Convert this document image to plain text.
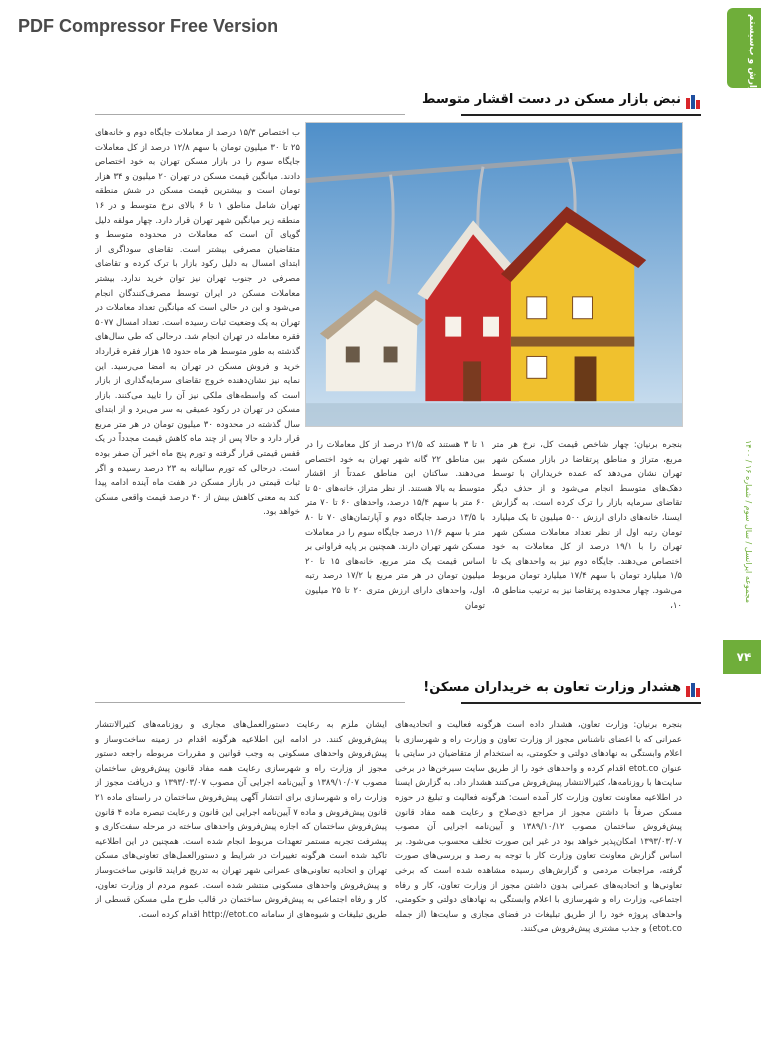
PDF Compressor Free Version	گزارش و ب‌سیستم
مجموعه ایرانسل / سال سوم / شماره ۱۶ / ۱۴۰۰
۷۴
نبض بازار مسکن در دست اقشار متوسط
ب اختصاص ۱۵/۳ درصد از معاملات جایگاه دوم و خانه‌های ۲۵ تا ۳۰ میلیون تومان با سهم ۱۲/۸ درصد از کل معاملات جایگاه سوم را در بازار مسکن تهران به خود اختصاص دادند. میانگین قیمت مسکن در تهران ۲۰ میلیون و ۳۴ هزار تومان است و بیشترین قیمت مسکن در شش منطقه تهران شامل مناطق ۱ تا ۶ بالای نرخ متوسط و در ۱۶ منطقه زیر میانگین شهر تهران قرار دارد. چهار مولفه دلیل گویای آن است که معاملات در محدوده متوسط و متقاضیان مصرفی بیشتر است. تقاضای سوداگری از ابتدای امسال به دلیل رکود بازار با ترک کرده و تقاضای مصرفی در جنوب تهران نیز توان خرید ندارد. بیشتر معاملات مسکن در ایران توسط مصرف‌کنندگان انجام می‌شود و این در حالی است که میانگین تعداد معاملات در تهران به یک وضعیت ثبات رسیده است. تعداد امسال ۵۰۷۷ فقره معامله در تهران انجام شد. درحالی که طی سال‌های گذشته به طور متوسط هر ماه حدود ۱۵ هزار فقره قرارداد خرید و فروش مسکن در تهران به امضا می‌رسید. این نمایه نیز نشان‌دهنده خروج تقاضای سرمایه‌گذاری از بازار است که واسطه‌های ملکی نیز آن را تایید می‌کنند. بازار مسکن در تهران در رکود عمیقی به سر می‌برد و از ابتدای سال گذشته در محدوده ۳۰ میلیون تومان در هر متر مربع قرار دارد و حالا پس از چند ماه کاهش قیمت مجدداً در یک قفس قیمتی قرار گرفته و تورم پنج ماه اخیر آن صفر بوده است. درحالی که تورم سالیانه به ۲۳ درصد رسیده و اگر ثبات قیمتی در بازار مسکن در هفت ماه آینده ادامه پیدا کند به معنی کاهش بیش از ۴۰ درصد قیمت واقعی مسکن خواهد بود.
۱ تا ۳ هستند که ۲۱/۵ درصد از کل معاملات را در بین مناطق ۲۲ گانه شهر تهران به خود اختصاص می‌دهند. ساکنان این مناطق عمدتاً از اقشار متوسط به بالا هستند. از نظر متراژ، خانه‌های ۵۰ تا ۶۰ متر با سهم ۱۵/۴ درصد، واحدهای ۶۰ تا ۷۰ متر با ۱۳/۵ درصد جایگاه دوم و آپارتمان‌های ۷۰ تا ۸۰ متر با سهم ۱۱/۶ درصد جایگاه سوم را در معاملات مسکن شهر تهران دارند. همچنین بر پایه فراوانی بر اساس قیمت یک متر مربع، خانه‌های ۱۵ تا ۲۰ میلیون تومان در هر متر مربع با ۱۷/۲ درصد رتبه اول، واحدهای دارای ارزش متری ۲۰ تا ۲۵ میلیون تومان
بنجره برنیان: چهار شاخص قیمت کل، نرخ هر متر مربع، متراژ و مناطق پرتقاضا در بازار مسکن شهر تهران نشان می‌دهد که عمده خریداران با توسط دهک‌های متوسط انجام می‌شود و از حذف دیگر تقاضای سرمایه بازار را ترک کرده است. به گزارش ایسنا، خانه‌های دارای ارزش ۵۰۰ میلیون تا یک میلیارد تومان رتبه اول از نظر تعداد معاملات مسکن شهر تهران را با ۱۹/۱ درصد از کل معاملات به خود اختصاص می‌دهند. جایگاه دوم نیز به واحدهای یک تا ۱/۵ میلیارد تومان با سهم ۱۷/۴ میلیارد تومان مربوط می‌شود. چهار محدوده پرتقاضا نیز به ترتیب مناطق ۵، ۱۰،
هشدار وزارت تعاون به خریداران مسکن!
ایشان ملزم به رعایت دستورالعمل‌های مجاری و روزنامه‌های کثیرالانتشار پیش‌فروش کنند. در ادامه این اطلاعیه هرگونه اقدام در زمینه ساخت‌وساز و پیش‌فروش واحدهای مسکونی به وجب قوانین و مقررات مربوطه راجعه دستور مجوز از وزارت راه و شهرسازی رعایت همه مفاد قانون پیش‌فروش ساختمان مصوب ۱۳۸۹/۱۰/۰۷ و آیین‌نامه اجرایی آن مصوب ۱۳۹۳/۰۳/۰۷ و دریافت مجوز از وزارت راه و شهرسازی برای انتشار آگهی پیش‌فروش ساختمان در راستای ماده ۲۱ قانون پیش‌فروش و ماده ۷ آیین‌نامه اجرایی این قانون و رعایت تبصره ماده ۴ قانون پیش‌فروش ساختمان که اجازه پیش‌فروش واحدهای ساخته در مرحله سفت‌کاری و پیشرفت تجربه مستمر تعهدات مربوط انجام شده است. همچنین در این اطلاعیه تاکید شده است هرگونه تغییرات در شرایط و دستورالعمل‌های تعاونی‌های مسکن تهران و اتحادیه تعاونی‌های عمرانی شهر تهران به تدریج فرایند قانونی ساخت‌وساز و پیش‌فروش واحدهای مسکونی منتشر شده است. عموم مردم از وزارت تعاون، کار و رفاه اجتماعی به پیش‌فروش ساختمان در قالب طرح ملی مسکن قسطی از طریق تبلیغات و شیوه‌های از سامانه http://etot.co اقدام کرده است.
بنجره برنیان: وزارت تعاون، هشدار داده است هرگونه فعالیت و اتحادیه‌های عمرانی که با اعضای ناشناس مجوز از وزارت تعاون و وزارت راه و شهرسازی با اعلام وابستگی به نهادهای دولتی و حکومتی، به استخدام از متقاضیان در سایتی با عنوان etot.co اقدام کرده و واحدهای خود را از طریق سایت سیرخن‌ها در برخی سایت‌ها با روزنامه‌ها، کثیرالانتشار پیش‌فروش می‌کنند هشدار داد. به گزارش ایسنا در اطلاعیه معاونت تعاون وزارت کار آمده است: هرگونه فعالیت و تبلیغ در حوزه مسکن صرفاً با داشتن مجوز از مراجع ذی‌صلاح و رعایت همه مفاد قانون پیش‌فروش ساختمان مصوب ۱۳۸۹/۱۰/۱۲ و آیین‌نامه اجرایی آن مصوب ۱۳۹۳/۰۳/۰۷ امکان‌پذیر خواهد بود در غیر این صورت تخلف محسوب می‌شود. بر اساس گزارش معاونت تعاون وزارت کار با توجه به رصد و بررسی‌های صورت گرفته، مراجعات مردمی و گزارش‌های رسیده مشاهده شده است که برخی تعاونی‌ها و اتحادیه‌های عمرانی بدون داشتن مجوز از وزارت تعاون، کار و رفاه اجتماعی، وزارت راه و شهرسازی با اعلام وابستگی به نهادهای دولتی و حکومتی، واحدهای پروژه خود را از طریق تبلیغات در فضای مجازی و سایت‌ها (از جمله etot.co) و جذب مشتری پیش‌فروش می‌کنند.
